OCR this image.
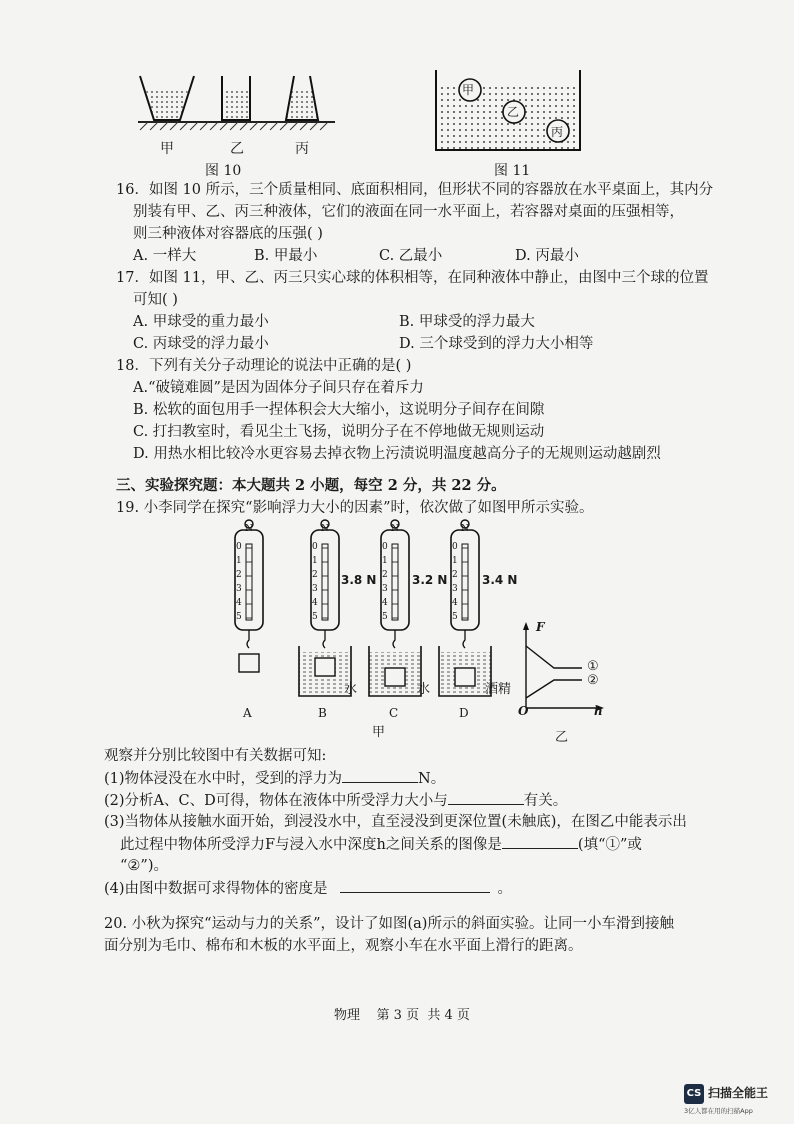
甲	乙	丙
图 10
甲
乙
丙
图 11
16．如图 10 所示，三个质量相同、底面积相同，但形状不同的容器放在水平桌面上，其内分
别装有甲、乙、丙三种液体，它们的液面在同一水平面上，若容器对桌面的压强相等，
则三种液体对容器底的压强( )
A. 一样大	B. 甲最小	C. 乙最小	D. 丙最小
17．如图 11，甲、乙、丙三只实心球的体积相等，在同种液体中静止，由图中三个球的位置
可知( )
A. 甲球受的重力最小	B. 甲球受的浮力最大
C. 丙球受的浮力最小	D. 三个球受到的浮力大小相等
18．下列有关分子动理论的说法中正确的是( )
A.“破镜难圆”是因为固体分子间只存在着斥力
B. 松软的面包用手一捏体积会大大缩小，这说明分子间存在间隙
C. 打扫教室时，看见尘土飞扬，说明分子在不停地做无规则运动
D. 用热水相比较冷水更容易去掉衣物上污渍说明温度越高分子的无规则运动越剧烈
三、实验探究题：本大题共 2 小题，每空 2 分，共 22 分。
19. 小李同学在探究“影响浮力大小的因素”时，依次做了如图甲所示实验。
N	N	N	N
0
1
2
3
4
5
0
1
2
3
4
5
0
1
2
3
4
5
0
1
2
3
4
5
3.8 N	3.2 N	3.4 N
水	水	酒精
A	B	C	D
甲
F
O	h
①
②
乙
观察并分别比较图中有关数据可知:
(1)物体浸没在水中时，受到的浮力为	N。
(2)分析A、C、D可得，物体在液体中所受浮力大小与	有关。
(3)当物体从接触水面开始，到浸没水中，直至浸没到更深位置(未触底)，在图乙中能表示出
此过程中物体所受浮力F与浸入水中深度h之间关系的图像是	(填“①”或
“②”)。
(4)由图中数据可求得物体的密度是	。
20. 小秋为探究“运动与力的关系”，设计了如图(a)所示的斜面实验。让同一小车滑到接触
面分别为毛巾、棉布和木板的水平面上，观察小车在水平面上滑行的距离。
物理    第 3 页  共 4 页
CS 扫描全能王
3亿人都在用的扫描App
